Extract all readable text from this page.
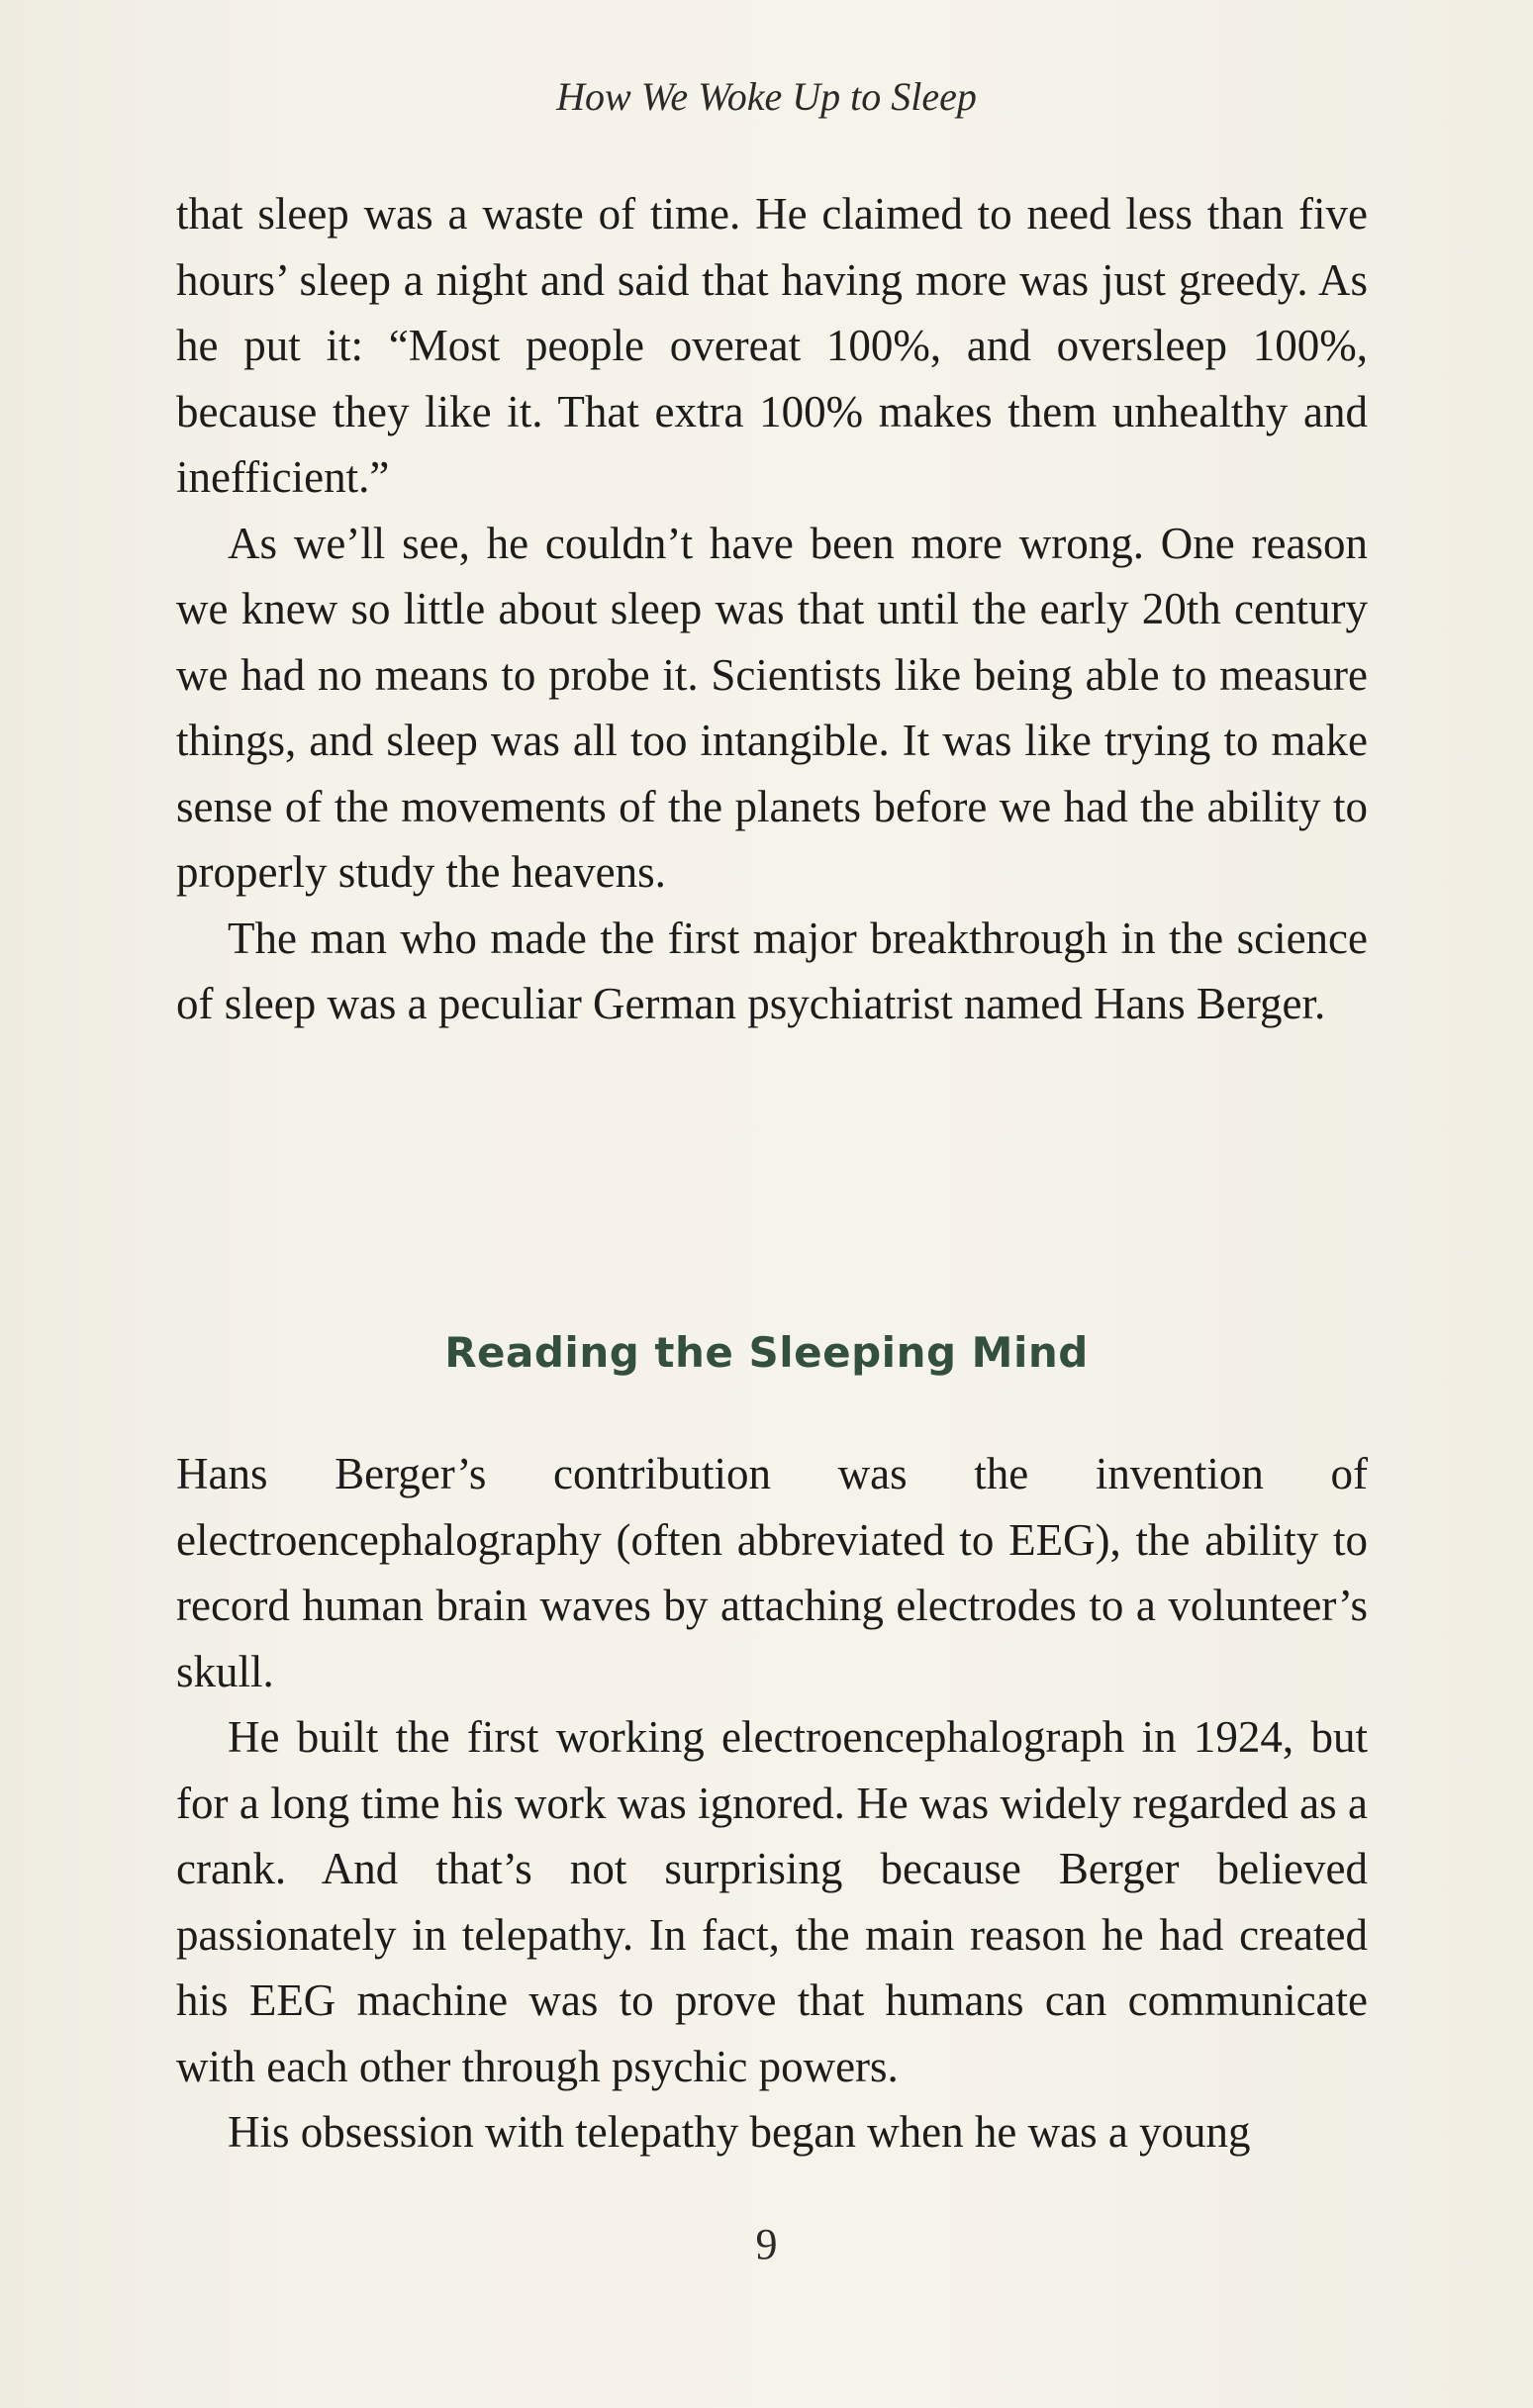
How We Woke Up to Sleep

that sleep was a waste of time. He claimed to need less than five hours’ sleep a night and said that having more was just greedy. As he put it: “Most people overeat 100%, and oversleep 100%, because they like it. That extra 100% makes them unhealthy and inefficient.”

As we’ll see, he couldn’t have been more wrong. One reason we knew so little about sleep was that until the early 20th century we had no means to probe it. Scientists like being able to measure things, and sleep was all too intangible. It was like trying to make sense of the movements of the planets before we had the ability to properly study the heavens.

The man who made the first major breakthrough in the science of sleep was a peculiar German psychiatrist named Hans Berger.

Reading the Sleeping Mind

Hans Berger’s contribution was the invention of electroencephalography (often abbreviated to EEG), the ability to record human brain waves by attaching electrodes to a volunteer’s skull.

He built the first working electroencephalograph in 1924, but for a long time his work was ignored. He was widely regarded as a crank. And that’s not surprising because Berger believed passionately in telepathy. In fact, the main reason he had created his EEG machine was to prove that humans can communicate with each other through psychic powers.

His obsession with telepathy began when he was a young

9
